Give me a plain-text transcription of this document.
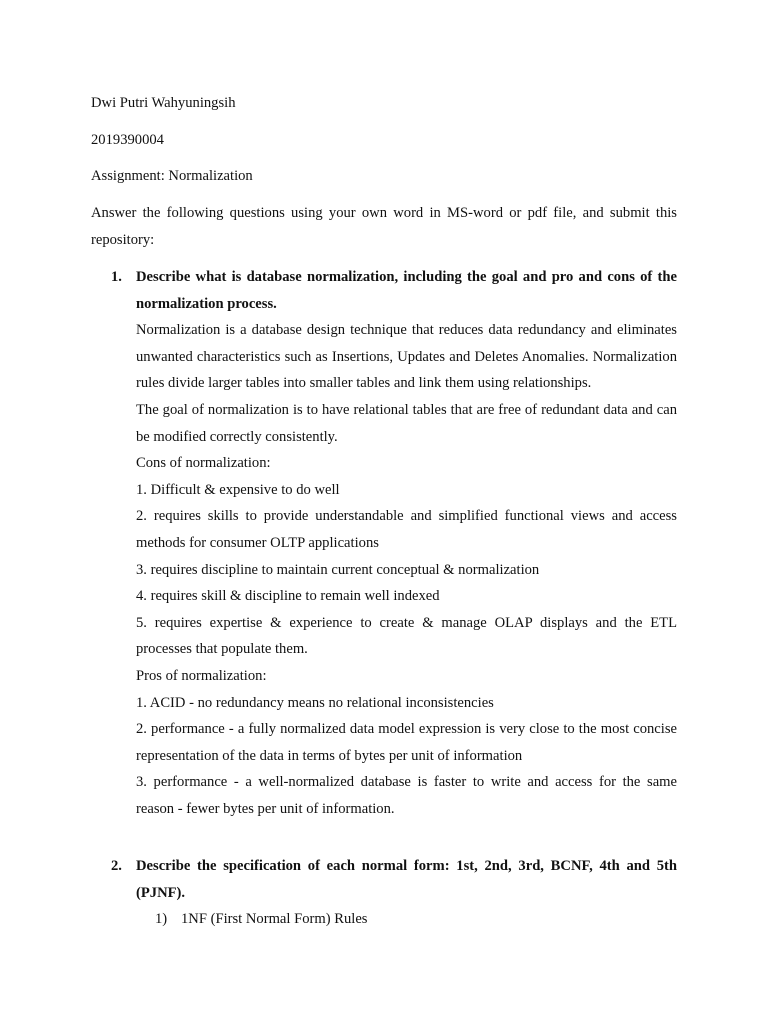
Dwi Putri Wahyuningsih
2019390004
Assignment: Normalization
Answer the following questions using your own word in MS-word or pdf file, and submit this repository:
1. Describe what is database normalization, including the goal and pro and cons of the normalization process.

Normalization is a database design technique that reduces data redundancy and eliminates unwanted characteristics such as Insertions, Updates and Deletes Anomalies. Normalization rules divide larger tables into smaller tables and link them using relationships.

The goal of normalization is to have relational tables that are free of redundant data and can be modified correctly consistently.

Cons of normalization:

1. Difficult & expensive to do well

2. requires skills to provide understandable and simplified functional views and access methods for consumer OLTP applications

3. requires discipline to maintain current conceptual & normalization

4. requires skill & discipline to remain well indexed

5. requires expertise & experience to create & manage OLAP displays and the ETL processes that populate them.

Pros of normalization:

1. ACID - no redundancy means no relational inconsistencies

2. performance - a fully normalized data model expression is very close to the most concise representation of the data in terms of bytes per unit of information

3. performance - a well-normalized database is faster to write and access for the same reason - fewer bytes per unit of information.

2. Describe the specification of each normal form: 1st, 2nd, 3rd, BCNF, 4th and 5th (PJNF).
1) 1NF (First Normal Form) Rules
